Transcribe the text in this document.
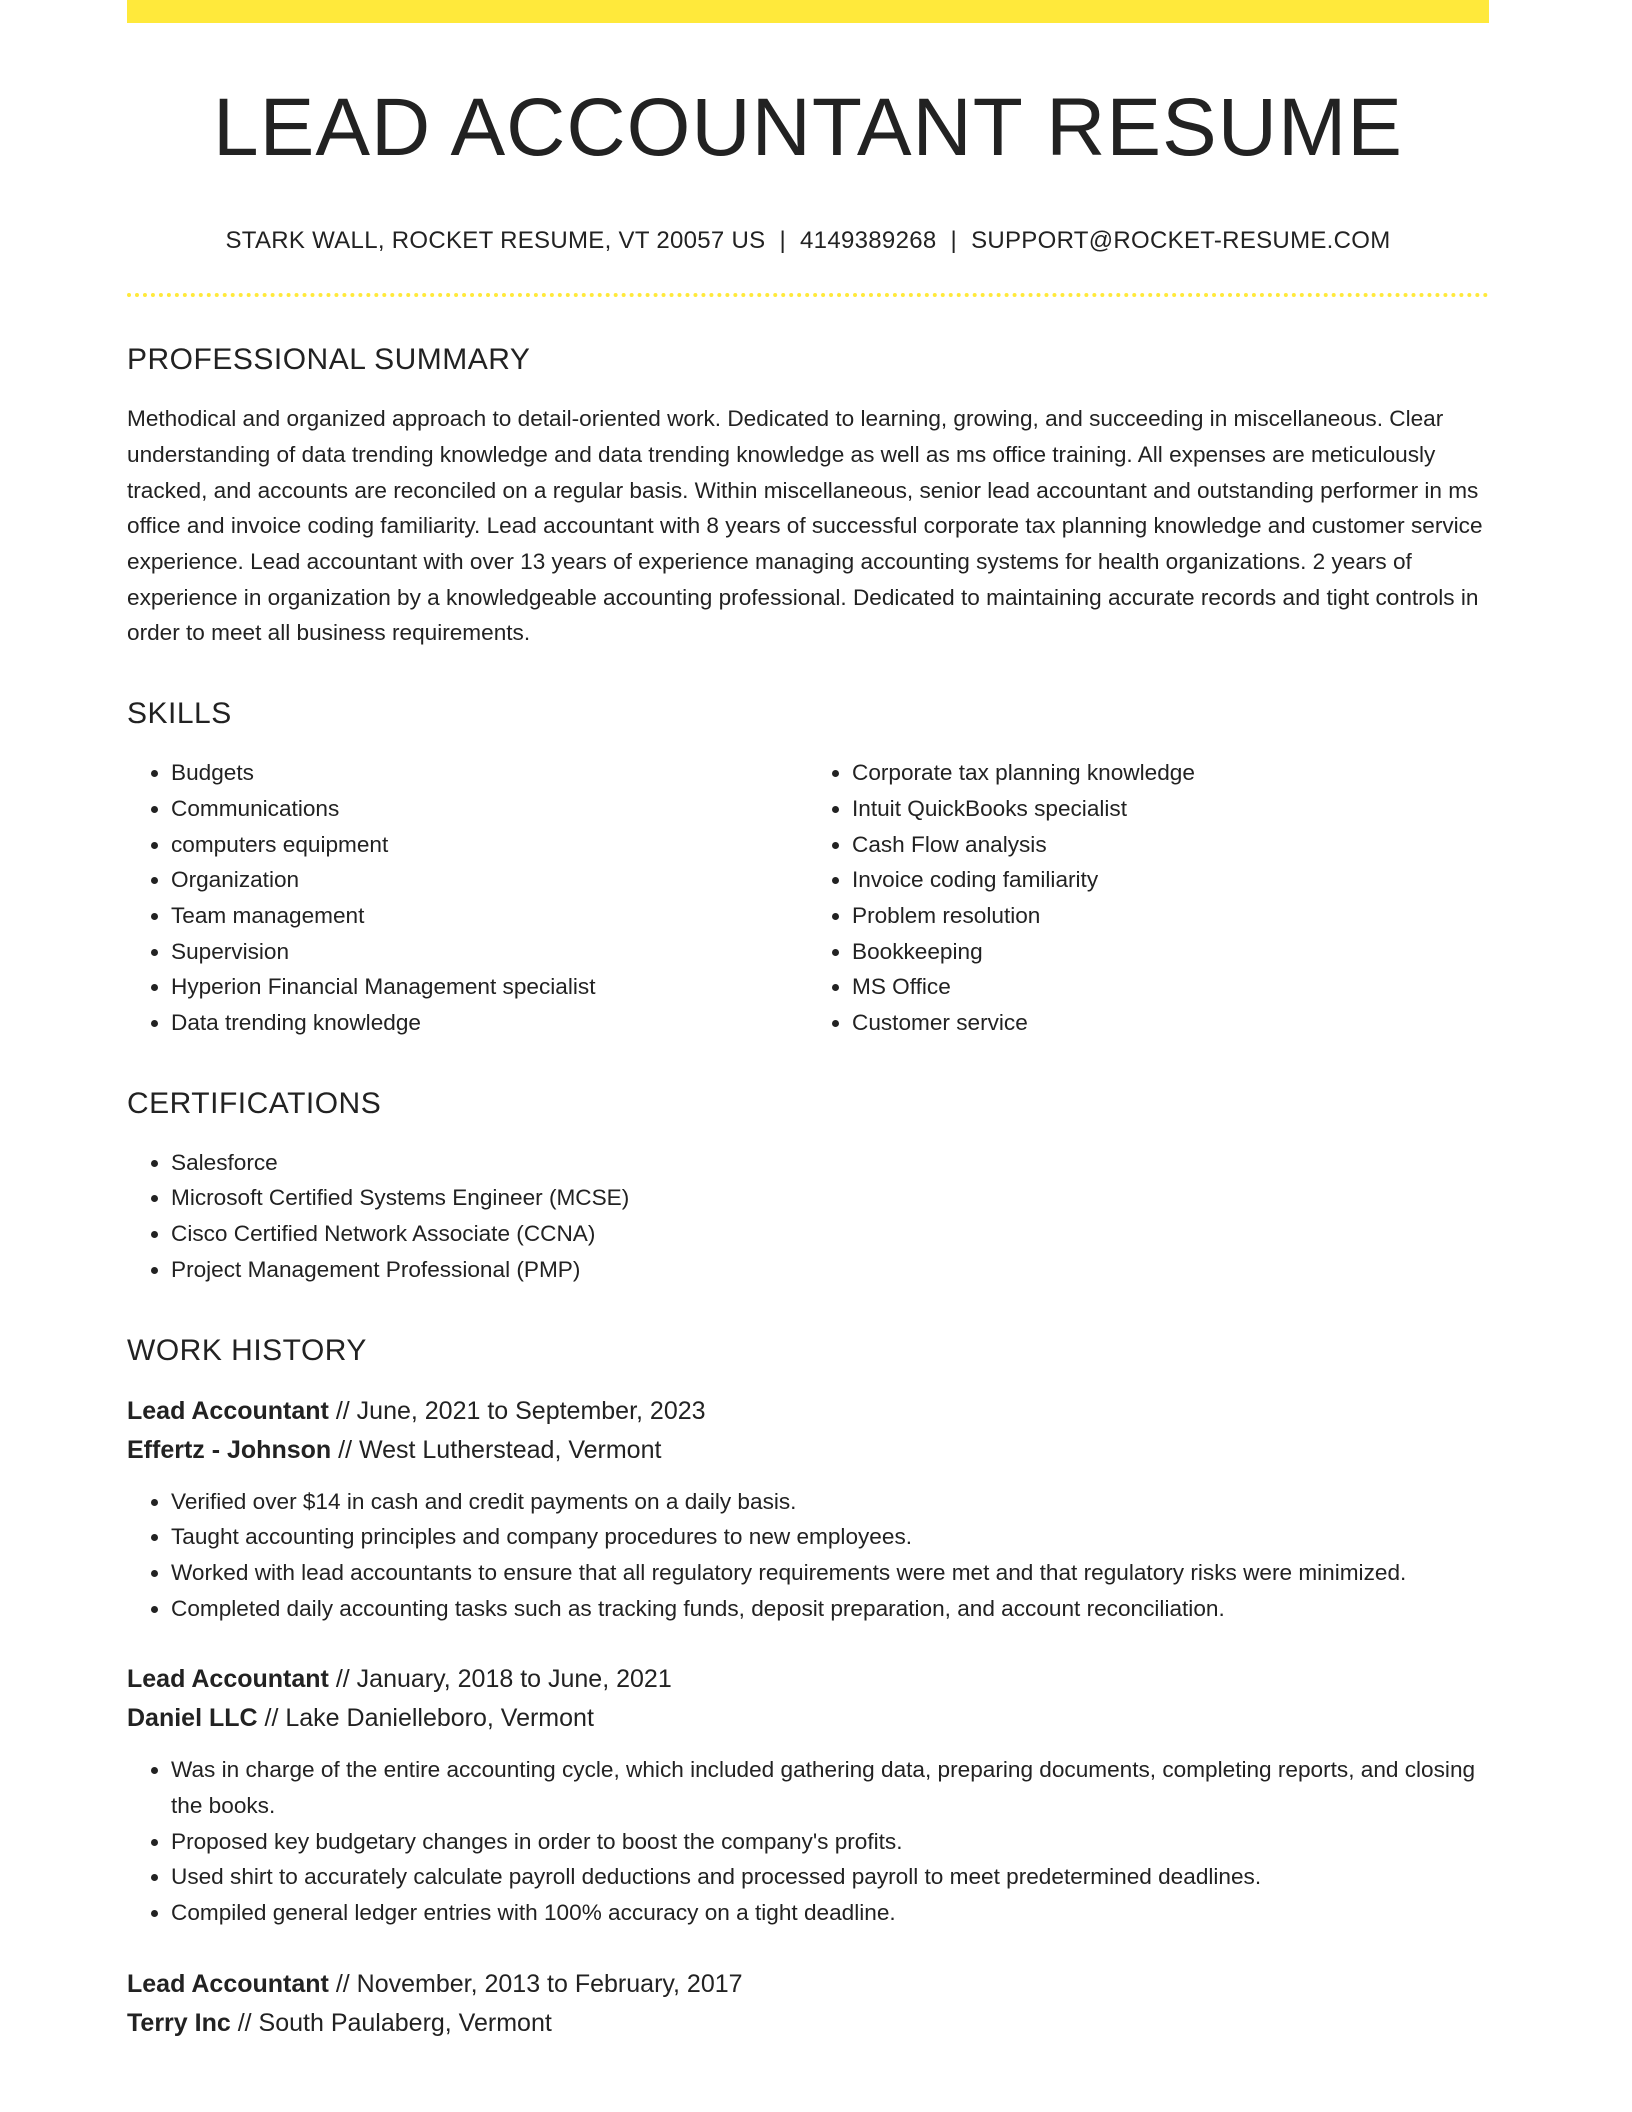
LEAD ACCOUNTANT RESUME
STARK WALL, ROCKET RESUME, VT 20057 US | 4149389268 | SUPPORT@ROCKET-RESUME.COM
PROFESSIONAL SUMMARY

Methodical and organized approach to detail-oriented work. Dedicated to learning, growing, and succeeding in miscellaneous. Clear understanding of data trending knowledge and data trending knowledge as well as ms office training. All expenses are meticulously tracked, and accounts are reconciled on a regular basis. Within miscellaneous, senior lead accountant and outstanding performer in ms office and invoice coding familiarity. Lead accountant with 8 years of successful corporate tax planning knowledge and customer service experience. Lead accountant with over 13 years of experience managing accounting systems for health organizations. 2 years of experience in organization by a knowledgeable accounting professional. Dedicated to maintaining accurate records and tight controls in order to meet all business requirements.

SKILLS
• Budgets
• Communications
• computers equipment
• Organization
• Team management
• Supervision
• Hyperion Financial Management specialist
• Data trending knowledge
• Corporate tax planning knowledge
• Intuit QuickBooks specialist
• Cash Flow analysis
• Invoice coding familiarity
• Problem resolution
• Bookkeeping
• MS Office
• Customer service
CERTIFICATIONS
• Salesforce
• Microsoft Certified Systems Engineer (MCSE)
• Cisco Certified Network Associate (CCNA)
• Project Management Professional (PMP)
WORK HISTORY
Lead Accountant // June, 2021 to September, 2023
Effertz - Johnson // West Lutherstead, Vermont
• Verified over $14 in cash and credit payments on a daily basis.
• Taught accounting principles and company procedures to new employees.
• Worked with lead accountants to ensure that all regulatory requirements were met and that regulatory risks were minimized.
• Completed daily accounting tasks such as tracking funds, deposit preparation, and account reconciliation.
Lead Accountant // January, 2018 to June, 2021
Daniel LLC // Lake Danielleboro, Vermont
• Was in charge of the entire accounting cycle, which included gathering data, preparing documents, completing reports, and closing the books.
• Proposed key budgetary changes in order to boost the company's profits.
• Used shirt to accurately calculate payroll deductions and processed payroll to meet predetermined deadlines.
• Compiled general ledger entries with 100% accuracy on a tight deadline.
Lead Accountant // November, 2013 to February, 2017
Terry Inc // South Paulaberg, Vermont
